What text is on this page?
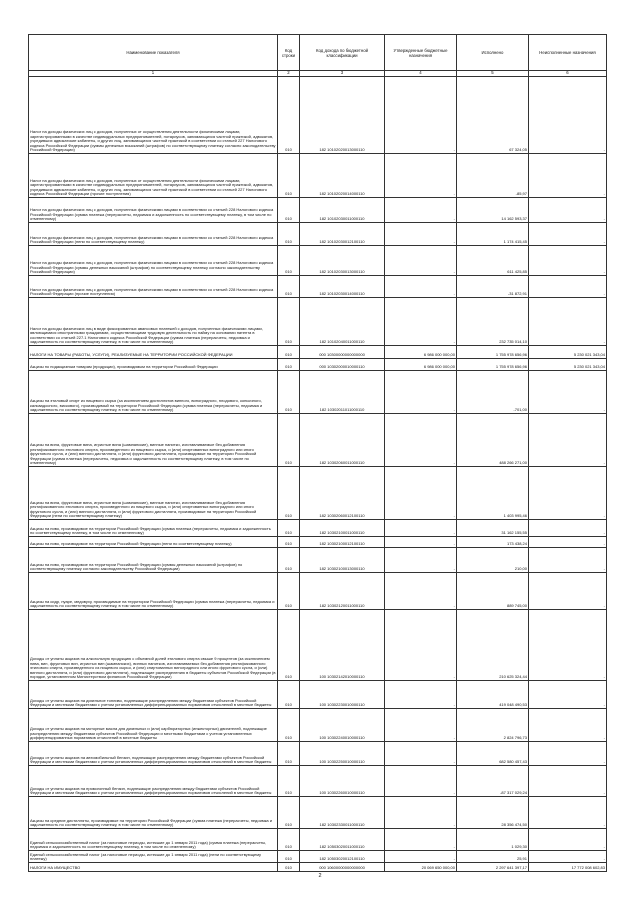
Наименование показателя	Код строки	Код дохода по бюджетной классификации	Утвержденные бюджетные назначения	Исполнено	Неисполненные назначения
1	2	3	4	5	6
Налог на доходы физических лиц с доходов, полученных от осуществления деятельности физическими лицами, зарегистрированными в качестве индивидуальных предпринимателей, нотариусов, занимающихся частной практикой, адвокатов, учредивших адвокатские кабинеты, и других лиц, занимающихся частной практикой в соответствии со статьей 227 Налогового кодекса Российской Федерации (суммы денежных взысканий (штрафов) по соответствующему платежу согласно законодательству Российской Федерации)	010	182 10102020013000110	-	67 324,05	-
Налог на доходы физических лиц с доходов, полученных от осуществления деятельности физическими лицами, зарегистрированными в качестве индивидуальных предпринимателей, нотариусов, занимающихся частной практикой, адвокатов, учредивших адвокатские кабинеты, и других лиц, занимающихся частной практикой в соответствии со статьей 227 Налогового кодекса Российской Федерации (прочие поступления)	010	182 10102020014000110	-	-85,97	-
Налог на доходы физических лиц с доходов, полученных физическими лицами в соответствии со статьей 228 Налогового кодекса Российской Федерации (сумма платежа (перерасчеты, недоимка и задолженность по соответствующему платежу, в том числе по отмененному)	010	182 10102030011000110	-	14 162 593,37	-
Налог на доходы физических лиц с доходов, полученных физическими лицами в соответствии со статьей 228 Налогового кодекса Российской Федерации (пени по соответствующему платежу)	010	182 10102030012100110	-	1 174 415,45	-
Налог на доходы физических лиц с доходов, полученных физическими лицами в соответствии со статьей 228 Налогового кодекса Российской Федерации (суммы денежных взысканий (штрафов) по соответствующему платежу согласно законодательству Российской Федерации)	010	182 10102030013000110	-	611 425,85	-
Налог на доходы физических лиц с доходов, полученных физическими лицами в соответствии со статьей 228 Налогового кодекса Российской Федерации (прочие поступления)	010	182 10102030014000110	-	-31 872,91	-
Налог на доходы физических лиц в виде фиксированных авансовых платежей с доходов, полученных физическими лицами, являющимися иностранными гражданами, осуществляющими трудовую деятельность по найму на основании патента в соответствии со статьей 227.1 Налогового кодекса Российской Федерации (сумма платежа (перерасчеты, недоимка и задолженность по соответствующему платежу, в том числе по отмененному)	010	182 10102040011000110	-	232 735 014,10	-
НАЛОГИ НА ТОВАРЫ (РАБОТЫ, УСЛУГИ), РЕАЛИЗУЕМЫЕ НА ТЕРРИТОРИИ РОССИЙСКОЙ ФЕДЕРАЦИИ	010	000 10300000000000000	6 986 000 000,00	1 755 978 656,96	5 230 021 343,04
Акцизы по подакцизным товарам (продукции), производимым на территории Российской Федерации	010	000 10302000010000110	6 986 000 000,00	1 755 978 656,96	5 230 021 343,04
Акцизы на этиловый спирт из пищевого сырья (за исключением дистиллятов винного, виноградного, плодового, коньячного, кальвадосного, вискового), производимый на территории Российской Федерации (сумма платежа (перерасчеты, недоимка и задолженность по соответствующему платежу, в том числе по отмененному)	010	182 10302011011000110	-	-701,00	-
Акцизы на вина, фруктовые вина, игристые вина (шампанские), винные напитки, изготавливаемые без добавления ректификованного этилового спирта, произведенного из пищевого сырья, и (или) спиртованных виноградного или иного фруктового сусла, и (или) винного дистиллята, и (или) фруктового дистиллята, производимые на территории Российской Федерации (сумма платежа (перерасчеты, недоимка и задолженность по соответствующему платежу, в том числе по отмененному)	010	182 10302060011000110	-	488 266 271,00	-
Акцизы на вина, фруктовые вина, игристые вина (шампанские), винные напитки, изготавливаемые без добавления ректификованного этилового спирта, произведенного из пищевого сырья, и (или) спиртованных виноградного или иного фруктового сусла, и (или) винного дистиллята, и (или) фруктового дистиллята, производимые на территории Российской Федерации (пени по соответствующему платежу)	010	182 10302060012100110	-	1 403 995,46	-
Акцизы на пиво, производимое на территории Российской Федерации (сумма платежа (перерасчеты, недоимка и задолженность по соответствующему платежу, в том числе по отмененному)	010	182 10302100011000110	-	31 162 155,55	-
Акцизы на пиво, производимое на территории Российской Федерации (пени по соответствующему платежу)	010	182 10302100012100110	-	173 438,24	-
Акцизы на пиво, производимое на территории Российской Федерации (суммы денежных взысканий (штрафов) по соответствующему платежу согласно законодательству Российской Федерации)	010	182 10302100013000110	-	210,00	-
Акцизы на сидр, пуаре, медовуху, производимые на территории Российской Федерации (сумма платежа (перерасчеты, недоимка и задолженность по соответствующему платежу, в том числе по отмененному)	010	182 10302120011000110	-	889 745,00	-
Доходы от уплаты акцизов на алкогольную продукцию с объемной долей этилового спирта свыше 9 процентов (за исключением пива, вин, фруктовых вин, игристых вин (шампанских), винных напитков, изготавливаемых без добавления ректификованного этилового спирта, произведенного из пищевого сырья, и (или) спиртованных виноградного или иного фруктового сусла, и (или) винного дистиллята, и (или) фруктового дистиллята), подлежащие распределению в бюджеты субъектов Российской Федерации (в порядке, установленном Министерством финансов Российской Федерации)	010	100 10302142010000110	-	210 625 324,44	-
Доходы от уплаты акцизов на дизельное топливо, подлежащие распределению между бюджетами субъектов Российской Федерации и местными бюджетами с учетом установленных дифференцированных нормативов отчислений в местные бюджеты	010	100 10302230010000110	-	419 048 490,53	-
Доходы от уплаты акцизов на моторные масла для дизельных и (или) карбюраторных (инжекторных) двигателей, подлежащие распределению между бюджетами субъектов Российской Федерации и местными бюджетами с учетом установленных дифференцированных нормативов отчислений в местные бюджеты	010	100 10302240010000110	-	2 824 796,73	-
Доходы от уплаты акцизов на автомобильный бензин, подлежащие распределению между бюджетами субъектов Российской Федерации и местными бюджетами с учетом установленных дифференцированных нормативов отчислений в местные бюджеты	010	100 10302250010000110	-	682 580 457,43	-
Доходы от уплаты акцизов на прямогонный бензин, подлежащие распределению между бюджетами субъектов Российской Федерации и местными бюджетами с учетом установленных дифференцированных нормативов отчислений в местные бюджеты	010	100 10302260010000110	-	-87 317 029,24	-
Акцизы на средние дистилляты, производимые на территории Российской Федерации (сумма платежа (перерасчеты, недоимка и задолженность по соответствующему платежу, в том числе по отмененному)	010	182 10302330011000110	-	28 356 474,50	-
Единый сельскохозяйственный налог (за налоговые периоды, истекшие до 1 января 2011 года) (сумма платежа (перерасчеты, недоимка и задолженность по соответствующему платежу, в том числе по отмененному)	010	182 10503020011000110	-	1 029,30	-
Единый сельскохозяйственный налог (за налоговые периоды, истекшие до 1 января 2011 года) (пени по соответствующему платежу)	010	182 10503020012100110	-	25,91	-
НАЛОГИ НА ИМУЩЕСТВО	010	000 10600000000000000	20 069 650 000,00	2 297 641 397,17	17 772 008 602,83
2
